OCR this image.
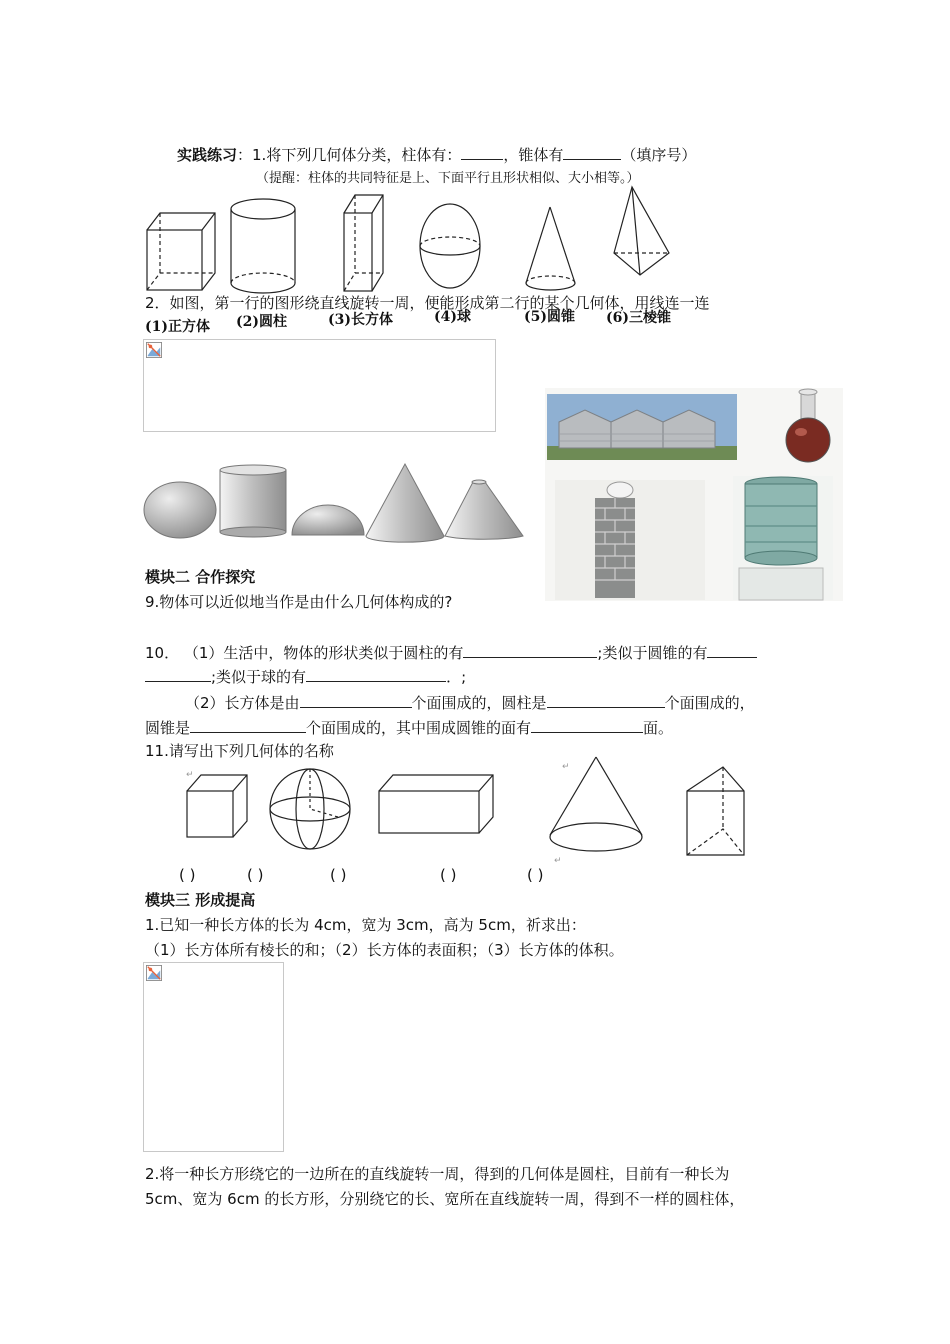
实践练习：1.将下列几何体分类，柱体有：	，锥体有	（填序号）
（提醒：柱体的共同特征是上、下面平行且形状相似、大小相等。）
2．如图，第一行的图形绕直线旋转一周，便能形成第二行的某个几何体，用线连一连
(1)正方体 (2)圆柱	(3)长方体	(4)球	(5)圆锥 (6)三棱锥
模块二 合作探究
9.物体可以近似地当作是由什么几何体构成的?
10． （1）生活中，物体的形状类似于圆柱的有	;类似于圆锥的有
;类似于球的有	．;
（2）长方体是由	个面围成的，圆柱是	个面围成的，
圆锥是	个面围成的，其中围成圆锥的面有	面。
11.请写出下列几何体的名称
↵
↵
↵
( )	( )	( )	( )	( )
模块三 形成提高
1.已知一种长方体的长为 4cm，宽为 3cm，高为 5cm，祈求出：
（1）长方体所有棱长的和；（2）长方体的表面积；（3）长方体的体积。
2.将一种长方形绕它的一边所在的直线旋转一周，得到的几何体是圆柱，目前有一种长为
5cm、宽为 6cm 的长方形，分别绕它的长、宽所在直线旋转一周，得到不一样的圆柱体，
